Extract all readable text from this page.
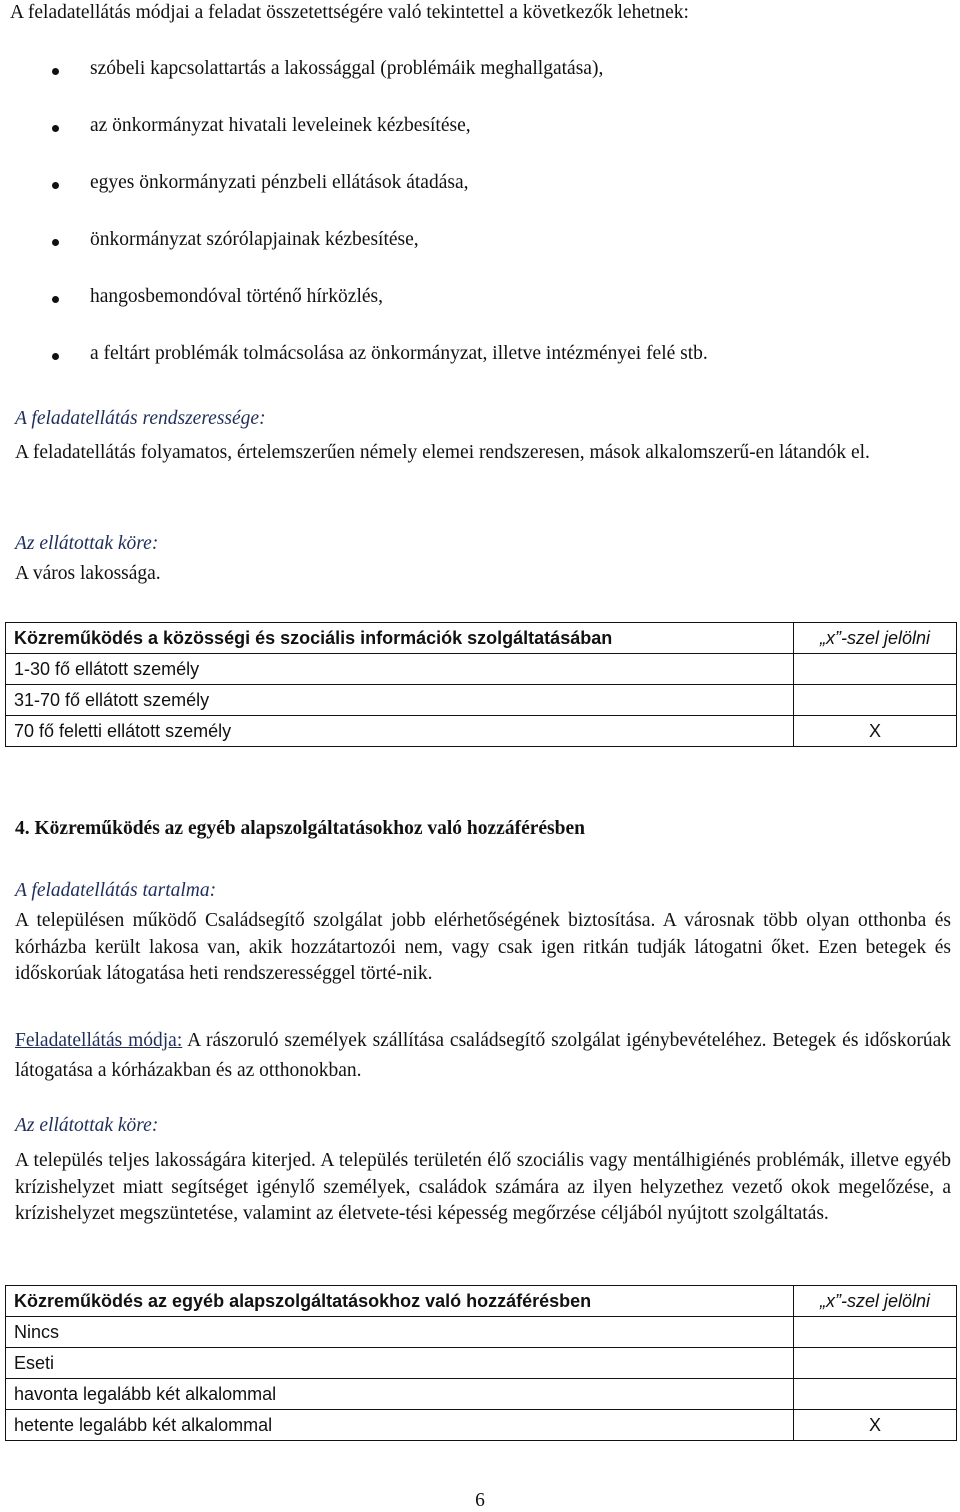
A feladatellátás módjai a feladat összetettségére való tekintettel a következők lehetnek:
szóbeli kapcsolattartás a lakossággal (problémáik meghallgatása),
az önkormányzat hivatali leveleinek kézbesítése,
egyes önkormányzati pénzbeli ellátások átadása,
önkormányzat szórólapjainak kézbesítése,
hangosbemondóval történő hírközlés,
a feltárt problémák tolmácsolása az önkormányzat, illetve intézményei felé stb.
A feladatellátás rendszeressége:
A feladatellátás folyamatos, értelemszerűen némely elemei rendszeresen, mások alkalomszerű-en látandók el.
Az ellátottak köre:
A város lakossága.
Közreműködés a közösségi és szociális információk szolgáltatásában	„x”-szel jelölni
1-30 fő ellátott személy	
31-70 fő ellátott személy	
70 fő feletti ellátott személy	X
4. Közreműködés az egyéb alapszolgáltatásokhoz való hozzáférésben
A feladatellátás tartalma:
A településen működő Családsegítő szolgálat jobb elérhetőségének biztosítása. A városnak több olyan otthonba és kórházba került lakosa van, akik hozzátartozói nem, vagy csak igen ritkán tudják látogatni őket. Ezen betegek és időskorúak látogatása heti rendszerességgel törté-nik.
Feladatellátás módja: A rászoruló személyek szállítása családsegítő szolgálat igénybevételéhez. Betegek és időskorúak látogatása a kórházakban és az otthonokban.
Az ellátottak köre:
A település teljes lakosságára kiterjed. A település területén élő szociális vagy mentálhigiénés problémák, illetve egyéb krízishelyzet miatt segítséget igénylő személyek, családok számára az ilyen helyzethez vezető okok megelőzése, a krízishelyzet megszüntetése, valamint az életvete-tési képesség megőrzése céljából nyújtott szolgáltatás.
Közreműködés az egyéb alapszolgáltatásokhoz való hozzáférésben	„x”-szel jelölni
Nincs	
Eseti	
havonta legalább két alkalommal	
hetente legalább két alkalommal	X
6
